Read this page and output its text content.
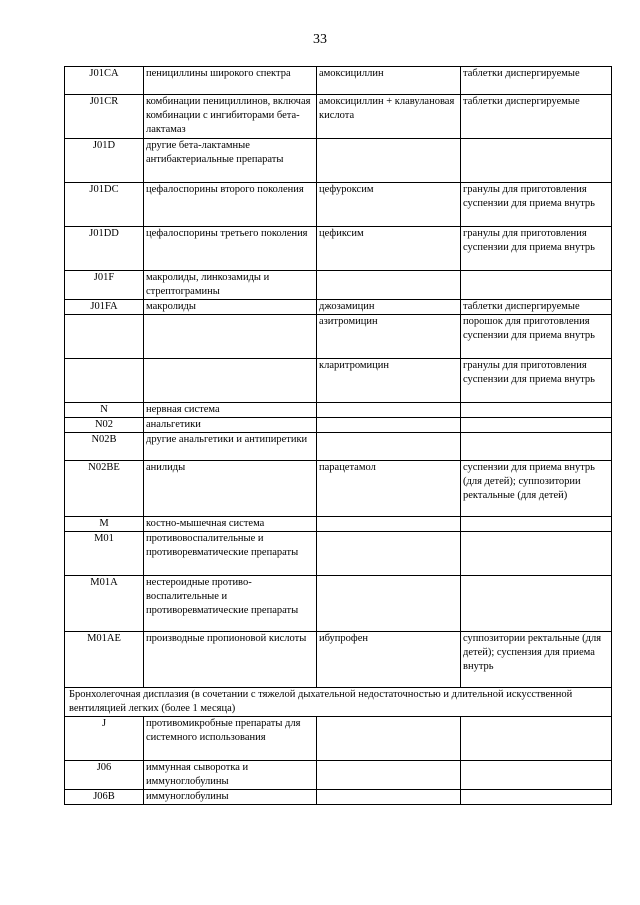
33
J01CA	пенициллины широкого спектра	амоксициллин	таблетки диспергируемые
J01CR	комбинации пенициллинов, включая комбинации с ингибиторами бета-лактамаз	амоксициллин + клавулановая кислота	таблетки диспергируемые
J01D	другие бета-лактамные антибактериальные препараты		
J01DC	цефалоспорины второго поколения	цефуроксим	гранулы для приготовления суспензии для приема внутрь
J01DD	цефалоспорины третьего поколения	цефиксим	гранулы для приготовления суспензии для приема внутрь
J01F	макролиды, линкозамиды и стрептограмины		
J01FA	макролиды	джозамицин	таблетки диспергируемые
		азитромицин	порошок для приготовления суспензии для приема внутрь
		кларитромицин	гранулы для приготовления суспензии для приема внутрь
N	нервная система		
N02	анальгетики		
N02B	другие анальгетики и антипиретики		
N02BE	анилиды	парацетамол	суспензии для приема внутрь (для детей); суппозитории ректальные (для детей)
M	костно-мышечная система		
M01	противовоспалительные и противоревматические препараты		
M01A	нестероидные противо-воспалительные и противоревматические препараты		
M01AE	производные пропионовой кислоты	ибупрофен	суппозитории ректальные (для детей); суспензия для приема внутрь
Бронхолегочная дисплазия (в сочетании с тяжелой дыхательной недостаточностью и длительной искусственной вентиляцией легких (более 1 месяца)			
J	противомикробные препараты для системного использования		
J06	иммунная сыворотка и иммуноглобулины		
J06B	иммуноглобулины		
